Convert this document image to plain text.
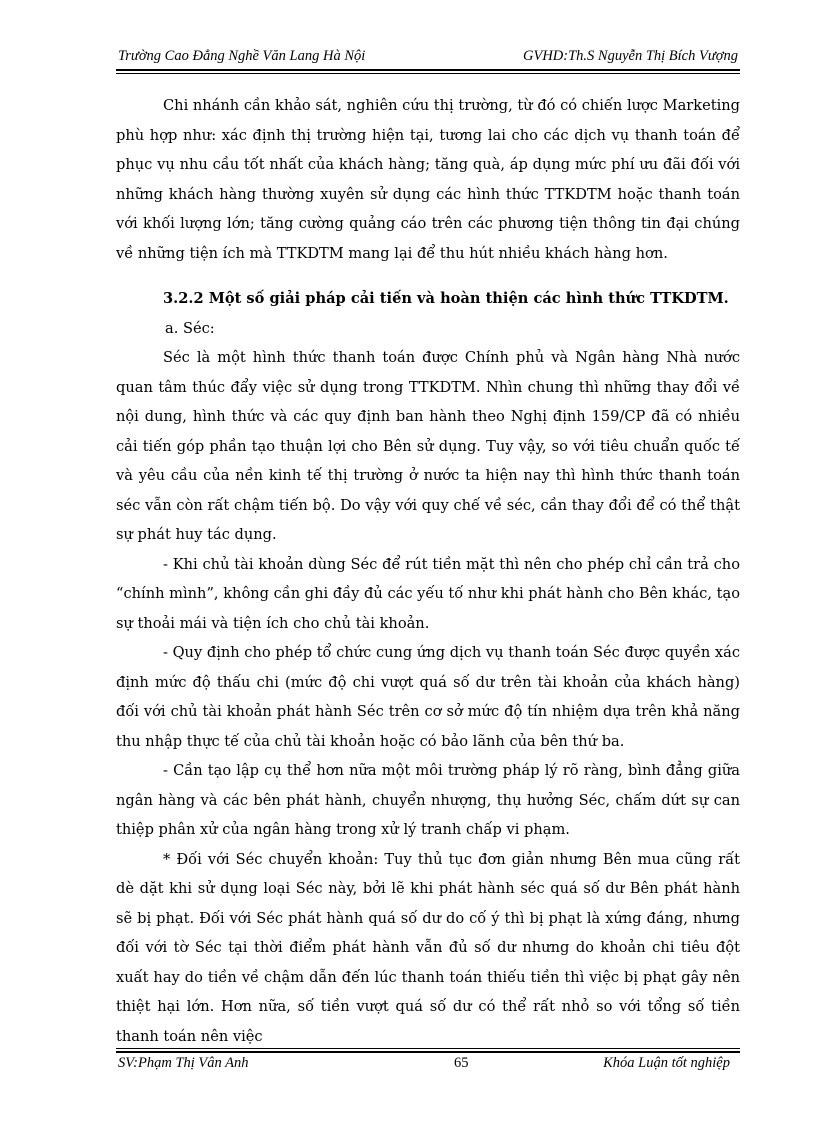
Trường Cao Đẳng Nghề Văn Lang Hà Nội	GVHD:Th.S Nguyễn Thị Bích Vượng

Chi nhánh cần khảo sát, nghiên cứu thị trường, từ đó có chiến lược Marketing phù hợp như: xác định thị trường hiện tại, tương lai cho các dịch vụ thanh toán để phục vụ nhu cầu tốt nhất của khách hàng; tăng quà, áp dụng mức phí ưu đãi đối với những khách hàng thường xuyên sử dụng các hình thức TTKDTM hoặc thanh toán với khối lượng lớn; tăng cường quảng cáo trên các phương tiện thông tin đại chúng về những tiện ích mà TTKDTM mang lại để thu hút nhiều khách hàng hơn.

3.2.2 Một số giải pháp cải tiến và hoàn thiện các hình thức TTKDTM.

a. Séc:

Séc là một hình thức thanh toán được Chính phủ và Ngân hàng Nhà nước quan tâm thúc đẩy việc sử dụng trong TTKDTM. Nhìn chung thì những thay đổi về nội dung, hình thức và các quy định ban hành theo Nghị định 159/CP đã có nhiều cải tiến góp phần tạo thuận lợi cho Bên sử dụng. Tuy vậy, so với tiêu chuẩn quốc tế và yêu cầu của nền kinh tế thị trường ở nước ta hiện nay thì hình thức thanh toán séc vẫn còn rất chậm tiến bộ. Do vậy với quy chế về séc, cần thay đổi để có thể thật sự phát huy tác dụng.

- Khi chủ tài khoản dùng Séc để rút tiền mặt thì nên cho phép chỉ cần trả cho “chính mình”, không cần ghi đầy đủ các yếu tố như khi phát hành cho Bên khác, tạo sự thoải mái và tiện ích cho chủ tài khoản.

- Quy định cho phép tổ chức cung ứng dịch vụ thanh toán Séc được quyền xác định mức độ thấu chi (mức độ chi vượt quá số dư trên tài khoản của khách hàng) đối với chủ tài khoản phát hành Séc trên cơ sở mức độ tín nhiệm dựa trên khả năng thu nhập thực tế của chủ tài khoản hoặc có bảo lãnh của bên thứ ba.

- Cần tạo lập cụ thể hơn nữa một môi trường pháp lý rõ ràng, bình đẳng giữa ngân hàng và các bên phát hành, chuyển nhượng, thụ hưởng Séc, chấm dứt sự can thiệp phân xử của ngân hàng trong xử lý tranh chấp vi phạm.

* Đối với Séc chuyển khoản: Tuy thủ tục đơn giản nhưng Bên mua cũng rất dè dặt khi sử dụng loại Séc này, bởi lẽ khi phát hành séc quá số dư Bên phát hành sẽ bị phạt. Đối với Séc phát hành quá số dư do cố ý thì bị phạt là xứng đáng, nhưng đối với tờ Séc tại thời điểm phát hành vẫn đủ số dư nhưng do khoản chi tiêu đột xuất hay do tiền về chậm dẫn đến lúc thanh toán thiếu tiền thì việc bị phạt gây nên thiệt hại lớn. Hơn nữa, số tiền vượt quá số dư có thể rất nhỏ so với tổng số tiền thanh toán nên việc

SV:Phạm Thị Vân Anh	65	Khóa Luận tốt nghiệp
